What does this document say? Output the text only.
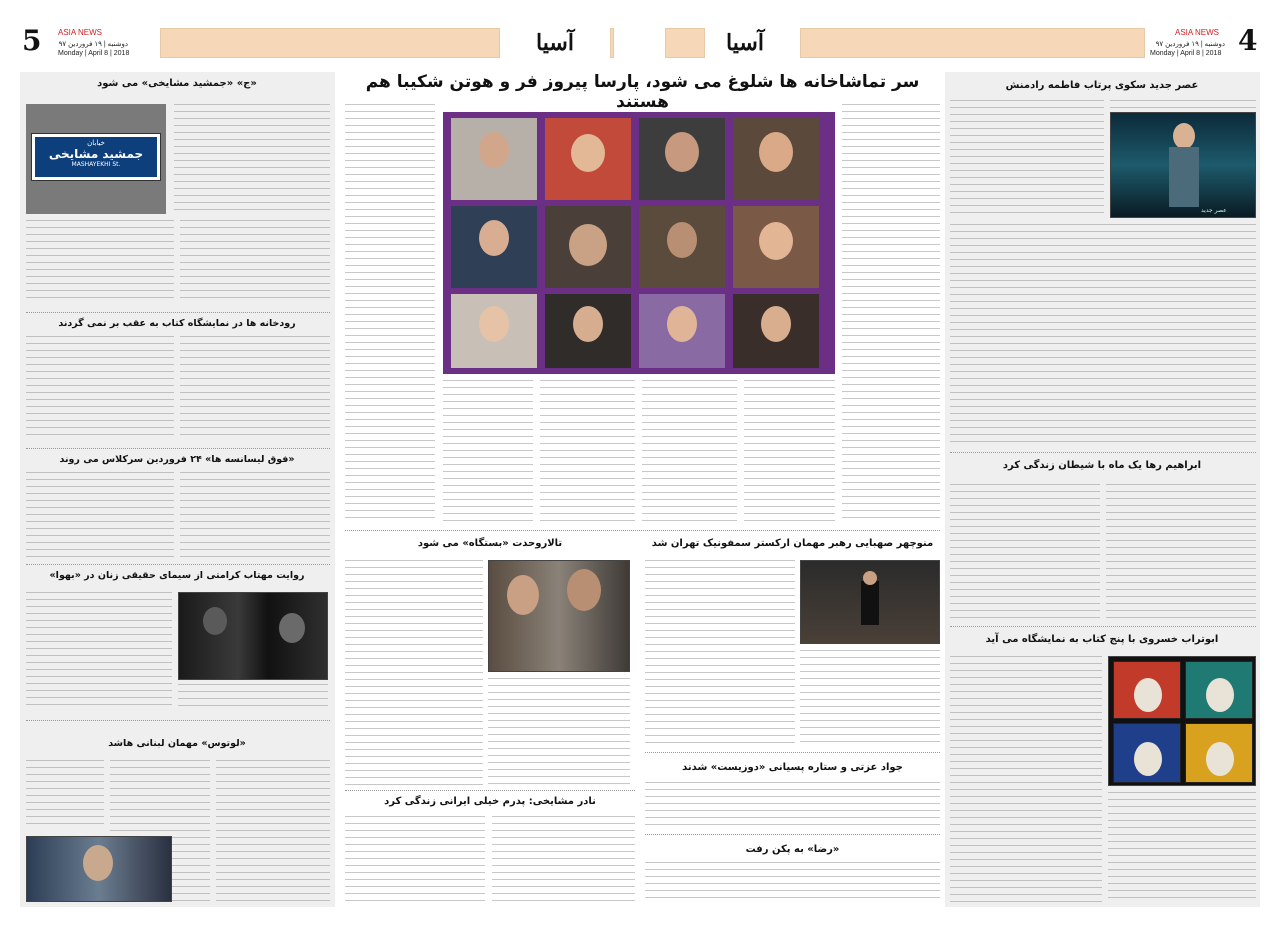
5 ASIA NEWS
دوشنبه | ۱۹ فروردین ۹۷
Monday | April 8 | 2018	آسیا	آسیا	ASIA NEWS
دوشنبه | ۱۹ فروردین ۹۷
Monday | April 8 | 2018 4
«ج» «جمشید مشایخی» می شود
خیابان
جمشید مشایخی
MASHAYEKHI St.
رودخانه ها در نمایشگاه کتاب به عقب بر نمی گردند
«فوق لیسانسه ها» ۲۴ فروردین سرکلاس می روند
روایت مهتاب کرامتی از سیمای حقیقی زنان در «بهوا»
«لوتوس» مهمان لبنانی هاشد
سر تماشاخانه ها شلوغ می شود، پارسا پیروز فر و هوتن شکیبا هم هستند
تالاروحدت «بستگاه» می شود	منوچهر صهبایی رهبر مهمان ارکستر سمفونیک تهران شد
جواد عزتی و ستاره پسیانی «دوزیست» شدند
نادر مشایخی: پدرم خیلی ایرانی زندگی کرد
«رضا» به پکن رفت
عصر جدید سکوی پرتاب فاطمه رادمنش
عصر جدید
ابراهیم رها یک ماه با شیطان زندگی کرد
ابوتراب خسروی با پنج کتاب به نمایشگاه می آید
